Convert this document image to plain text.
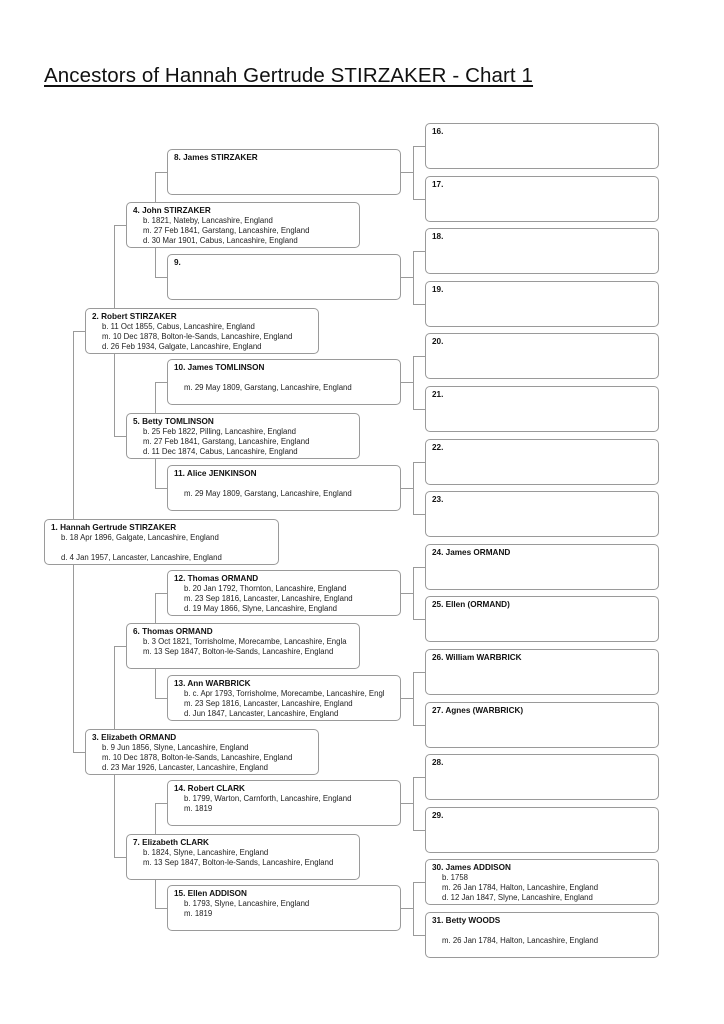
Ancestors of Hannah Gertrude STIRZAKER - Chart 1
1. Hannah Gertrude STIRZAKER
b. 18 Apr 1896, Galgate, Lancashire, England
d. 4 Jan 1957, Lancaster, Lancashire, England
2. Robert STIRZAKER
b. 11 Oct 1855, Cabus, Lancashire, England
m. 10 Dec 1878, Bolton-le-Sands, Lancashire, England
d. 26 Feb 1934, Galgate, Lancashire, England
3. Elizabeth ORMAND
b. 9 Jun 1856, Slyne, Lancashire, England
m. 10 Dec 1878, Bolton-le-Sands, Lancashire, England
d. 23 Mar 1926, Lancaster, Lancashire, England
4. John STIRZAKER
b. 1821, Nateby, Lancashire, England
m. 27 Feb 1841, Garstang, Lancashire, England
d. 30 Mar 1901, Cabus, Lancashire, England
5. Betty TOMLINSON
b. 25 Feb 1822, Pilling, Lancashire, England
m. 27 Feb 1841, Garstang, Lancashire, England
d. 11 Dec 1874, Cabus, Lancashire, England
6. Thomas ORMAND
b. 3 Oct 1821, Torrisholme, Morecambe, Lancashire, Engla
m. 13 Sep 1847, Bolton-le-Sands, Lancashire, England
7. Elizabeth CLARK
b. 1824, Slyne, Lancashire, England
m. 13 Sep 1847, Bolton-le-Sands, Lancashire, England
8. James STIRZAKER
9.
10. James TOMLINSON
m. 29 May 1809, Garstang, Lancashire, England
11. Alice JENKINSON
m. 29 May 1809, Garstang, Lancashire, England
12. Thomas ORMAND
b. 20 Jan 1792, Thornton, Lancashire, England
m. 23 Sep 1816, Lancaster, Lancashire, England
d. 19 May 1866, Slyne, Lancashire, England
13. Ann WARBRICK
b. c. Apr 1793, Torrisholme, Morecambe, Lancashire, Engl
m. 23 Sep 1816, Lancaster, Lancashire, England
d. Jun 1847, Lancaster, Lancashire, England
14. Robert CLARK
b. 1799, Warton, Carnforth, Lancashire, England
m. 1819
15. Ellen ADDISON
b. 1793, Slyne, Lancashire, England
m. 1819
16.
17.
18.
19.
20.
21.
22.
23.
24. James ORMAND
25. Ellen (ORMAND)
26. William WARBRICK
27. Agnes (WARBRICK)
28.
29.
30. James ADDISON
b. 1758
m. 26 Jan 1784, Halton, Lancashire, England
d. 12 Jan 1847, Slyne, Lancashire, England
31. Betty WOODS
m. 26 Jan 1784, Halton, Lancashire, England
